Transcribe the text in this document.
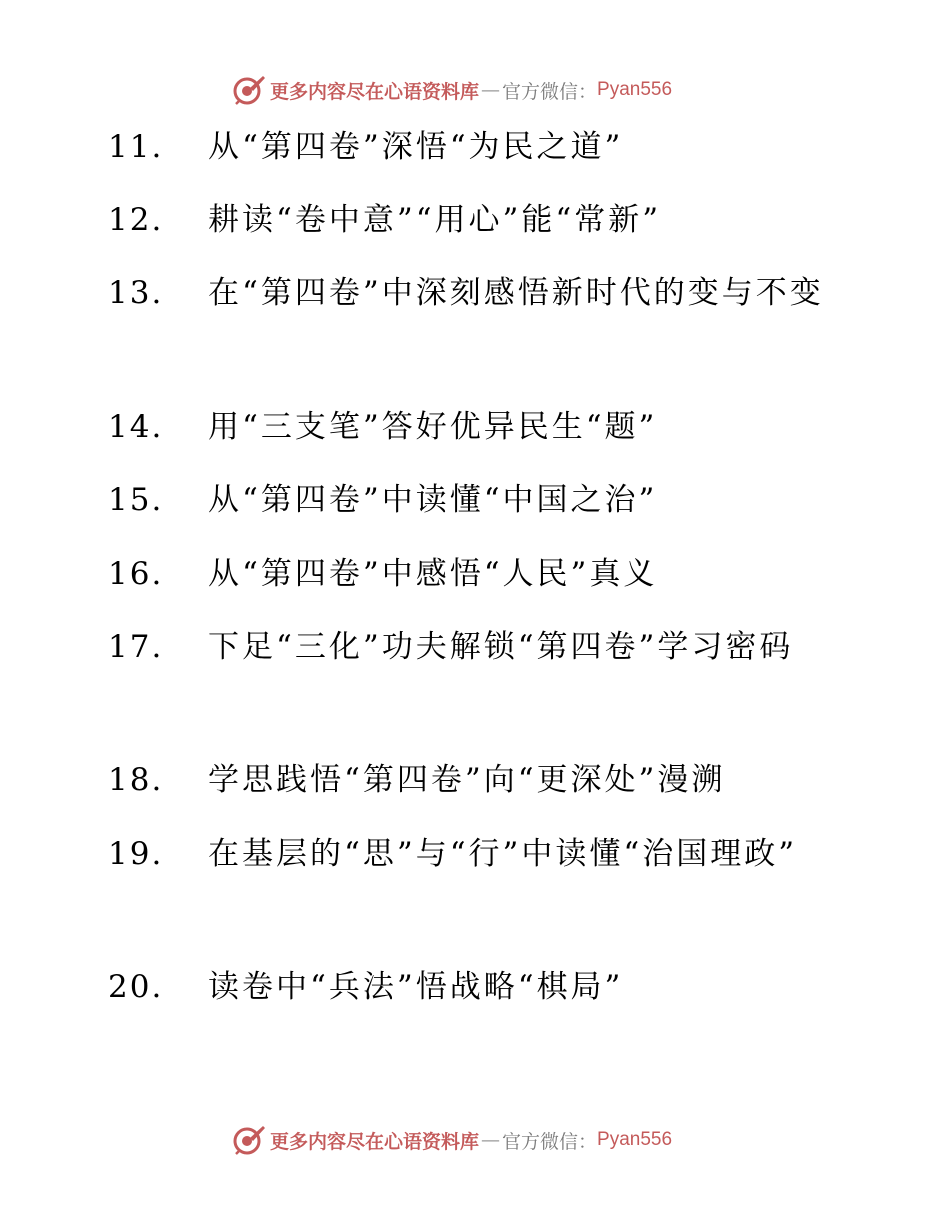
更多内容尽在心语资料库 — 官方微信： Pyan556
11. 从“第四卷”深悟“为民之道”
12. 耕读“卷中意”“用心”能“常新”
13. 在“第四卷”中深刻感悟新时代的变与不变
14. 用“三支笔”答好优异民生“题”
15. 从“第四卷”中读懂“中国之治”
16. 从“第四卷”中感悟“人民”真义
17. 下足“三化”功夫解锁“第四卷”学习密码
18. 学思践悟“第四卷”向“更深处”漫溯
19. 在基层的“思”与“行”中读懂“治国理政”
20. 读卷中“兵法”悟战略“棋局”
更多内容尽在心语资料库 — 官方微信： Pyan556
